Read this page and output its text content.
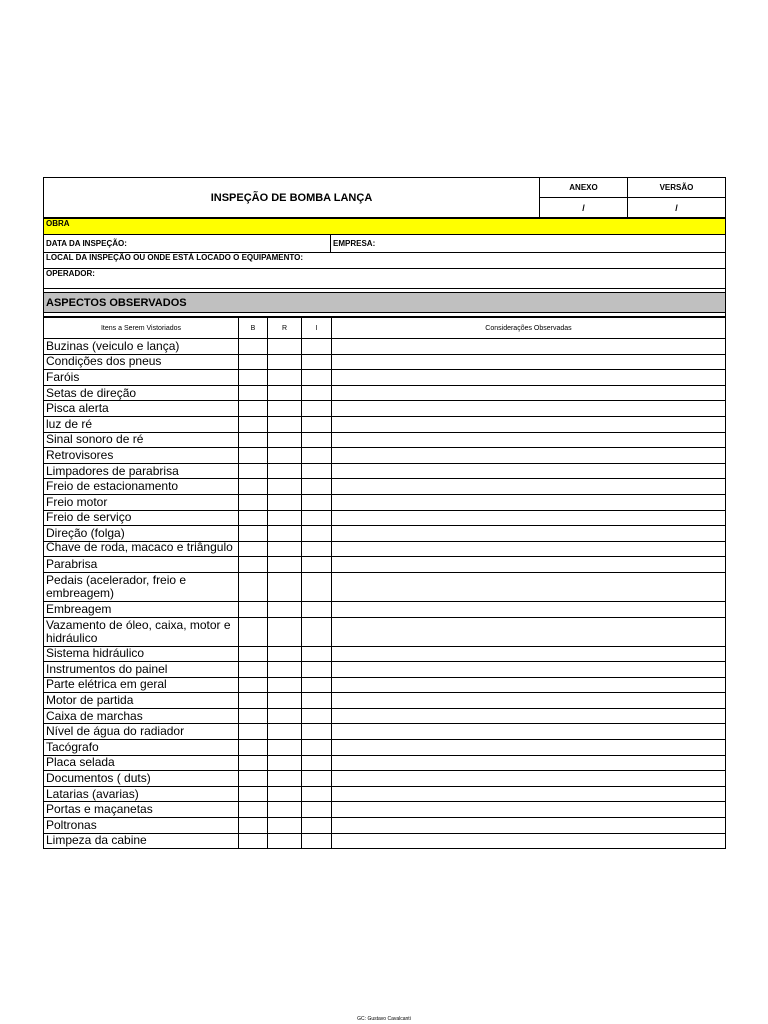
INSPEÇÃO DE BOMBA LANÇA	ANEXO	VERSÃO
	/	/
OBRA
DATA DA INSPEÇÃO:	EMPRESA:
LOCAL DA INSPEÇÃO OU ONDE ESTÁ LOCADO O EQUIPAMENTO:
OPERADOR:

ASPECTOS OBSERVADOS

Itens a Serem Vistoriados	B	R	I	Considerações Observadas
Buzinas (veiculo e lança)				
Condições dos pneus				
Faróis				
Setas de direção				
Pisca alerta				
luz de ré				
Sinal sonoro de ré				
Retrovisores				
Limpadores de parabrisa				
Freio de estacionamento				
Freio motor				
Freio de serviço				
Direção (folga)				
Chave de roda, macaco e triângulo				
Parabrisa				
Pedais (acelerador, freio e embreagem)				
Embreagem				
Vazamento de óleo, caixa, motor e hidráulico				
Sistema hidráulico				
Instrumentos do painel				
Parte elétrica em geral				
Motor de partida				
Caixa de marchas				
Nível de água do radiador				
Tacógrafo				
Placa selada				
Documentos ( duts)				
Latarias (avarias)				
Portas e maçanetas				
Poltronas				
Limpeza da cabine				
GC: Gustavo Cavalcanti
